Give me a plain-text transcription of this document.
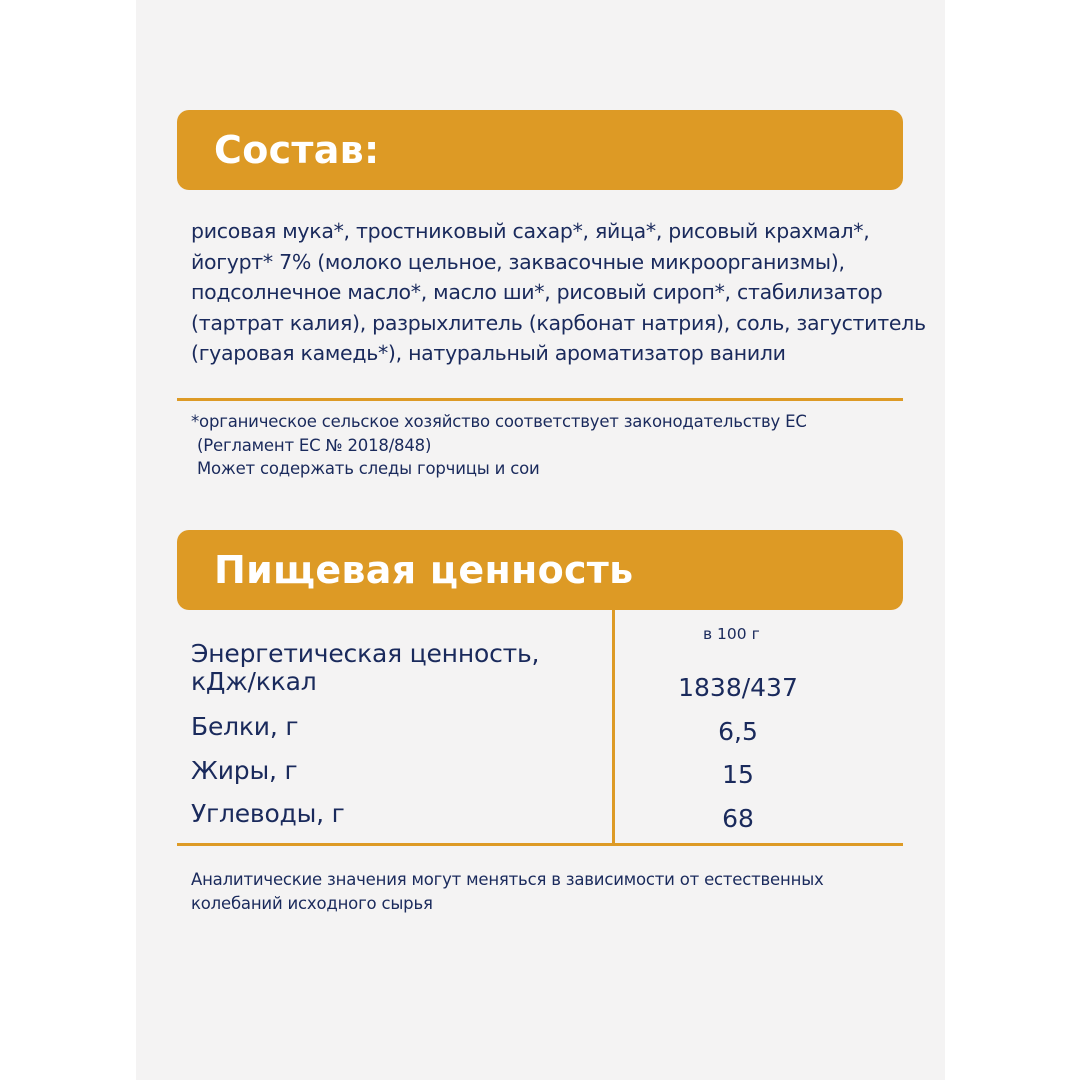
Состав:
рисовая мука*, тростниковый сахар*, яйца*, рисовый крахмал*,
йогурт* 7% (молоко цельное, заквасочные микроорганизмы),
подсолнечное масло*, масло ши*, рисовый сироп*, стабилизатор
(тартрат калия), разрыхлитель (карбонат натрия), соль, загуститель
(гуаровая камедь*), натуральный ароматизатор ванили
*органическое сельское хозяйство соответствует законодательству ЕС
(Регламент ЕС № 2018/848)
Может содержать следы горчицы и сои
Пищевая ценность
в 100 г
Энергетическая ценность,
кДж/ккал	1838/437
Белки, г	6,5
Жиры, г	15
Углеводы, г	68
Аналитические значения могут меняться в зависимости от естественных
колебаний исходного сырья
